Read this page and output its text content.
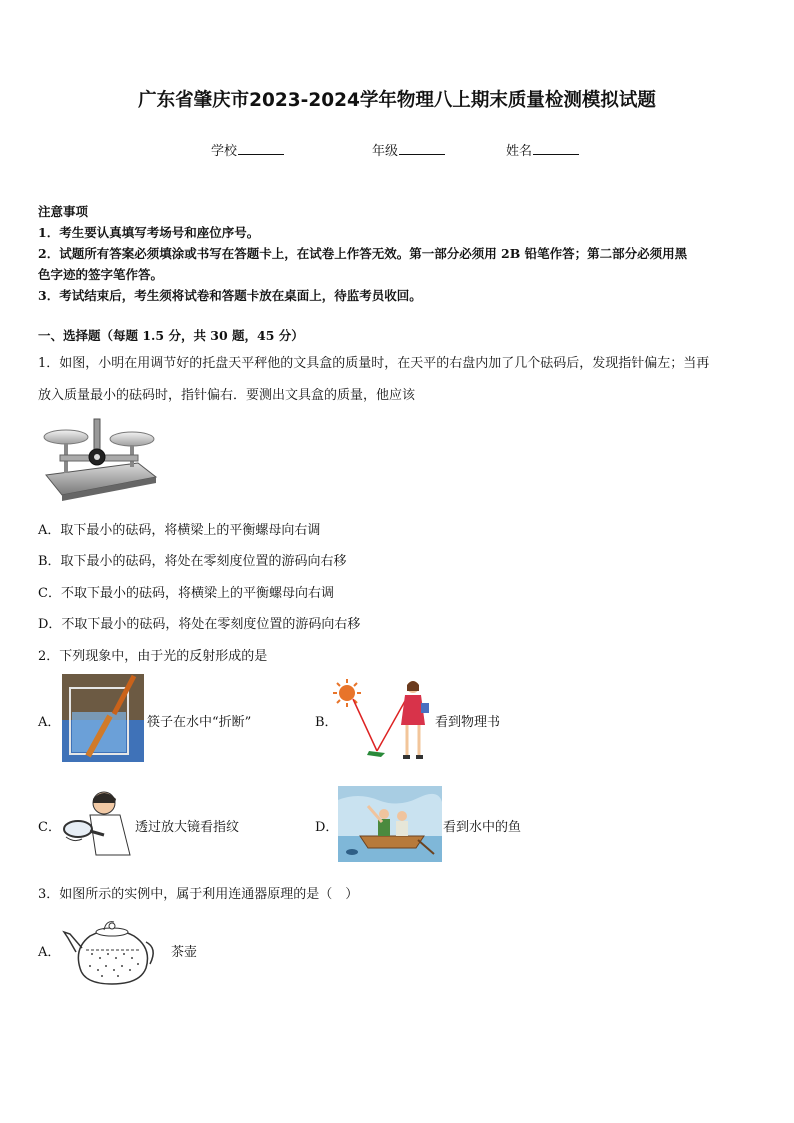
广东省肇庆市2023-2024学年物理八上期末质量检测模拟试题
学校	年级	姓名
注意事项
1．考生要认真填写考场号和座位序号。
2．试题所有答案必须填涂或书写在答题卡上，在试卷上作答无效。第一部分必须用 2B 铅笔作答；第二部分必须用黑
色字迹的签字笔作答。
3．考试结束后，考生须将试卷和答题卡放在桌面上，待监考员收回。
一、选择题（每题 1.5 分，共 30 题，45 分）
1．如图，小明在用调节好的托盘天平秤他的文具盒的质量时，在天平的右盘内加了几个砝码后，发现指针偏左；当再
放入质量最小的砝码时，指针偏右．要测出文具盒的质量，他应该
A．取下最小的砝码，将横梁上的平衡螺母向右调
B．取下最小的砝码，将处在零刻度位置的游码向右移
C．不取下最小的砝码，将横梁上的平衡螺母向右调
D．不取下最小的砝码，将处在零刻度位置的游码向右移
2．下列现象中，由于光的反射形成的是
A．	筷子在水中“折断”	B．	看到物理书
C．	透过放大镜看指纹	D．	看到水中的鱼
3．如图所示的实例中，属于利用连通器原理的是（　）
A．	茶壶
